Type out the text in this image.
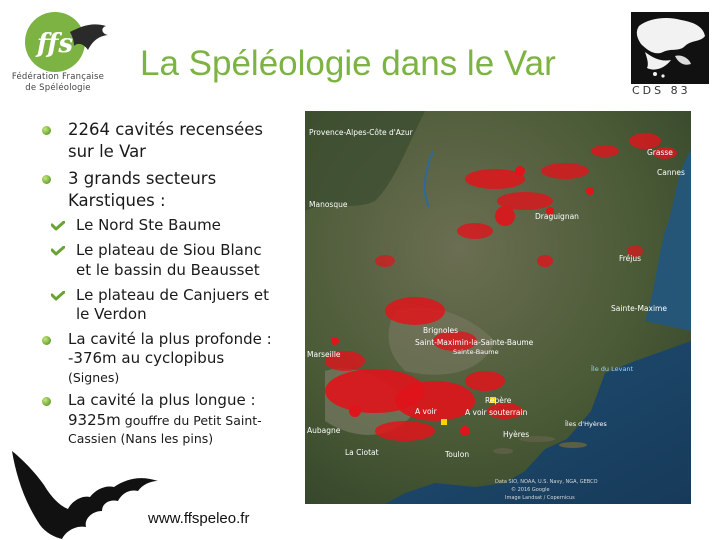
ffs
Fédération Française
de Spéléologie
La Spéléologie dans le Var
CDS 83
2264 cavités recensées
sur le Var
3 grands secteurs
Karstiques :
Le Nord Ste Baume
Le plateau de Siou Blanc
et le bassin du Beausset
Le plateau de Canjuers et
le Verdon
La cavité la plus profonde :
-376m au cyclopibus
(Signes)
La cavité la plus longue :
9325m gouffre du Petit Saint-
Cassien (Nans les pins)
Provence-Alpes-Côte d'Azur
Manosque
Draguignan
Fréjus
Sainte-Maxime
Brignoles
Saint-Maximin-la-Sainte-Baume
Aubagne	Hyères
Toulon
A voir	A voir souterrain
Repère
Sainte-Baume
Îles d'Hyères
Île du Levant
Cannes
Grasse
Marseille
La Ciotat
Data SIO, NOAA, U.S. Navy, NGA, GEBCO
© 2016 Google
Image Landsat / Copernicus
www.ffspeleo.fr
